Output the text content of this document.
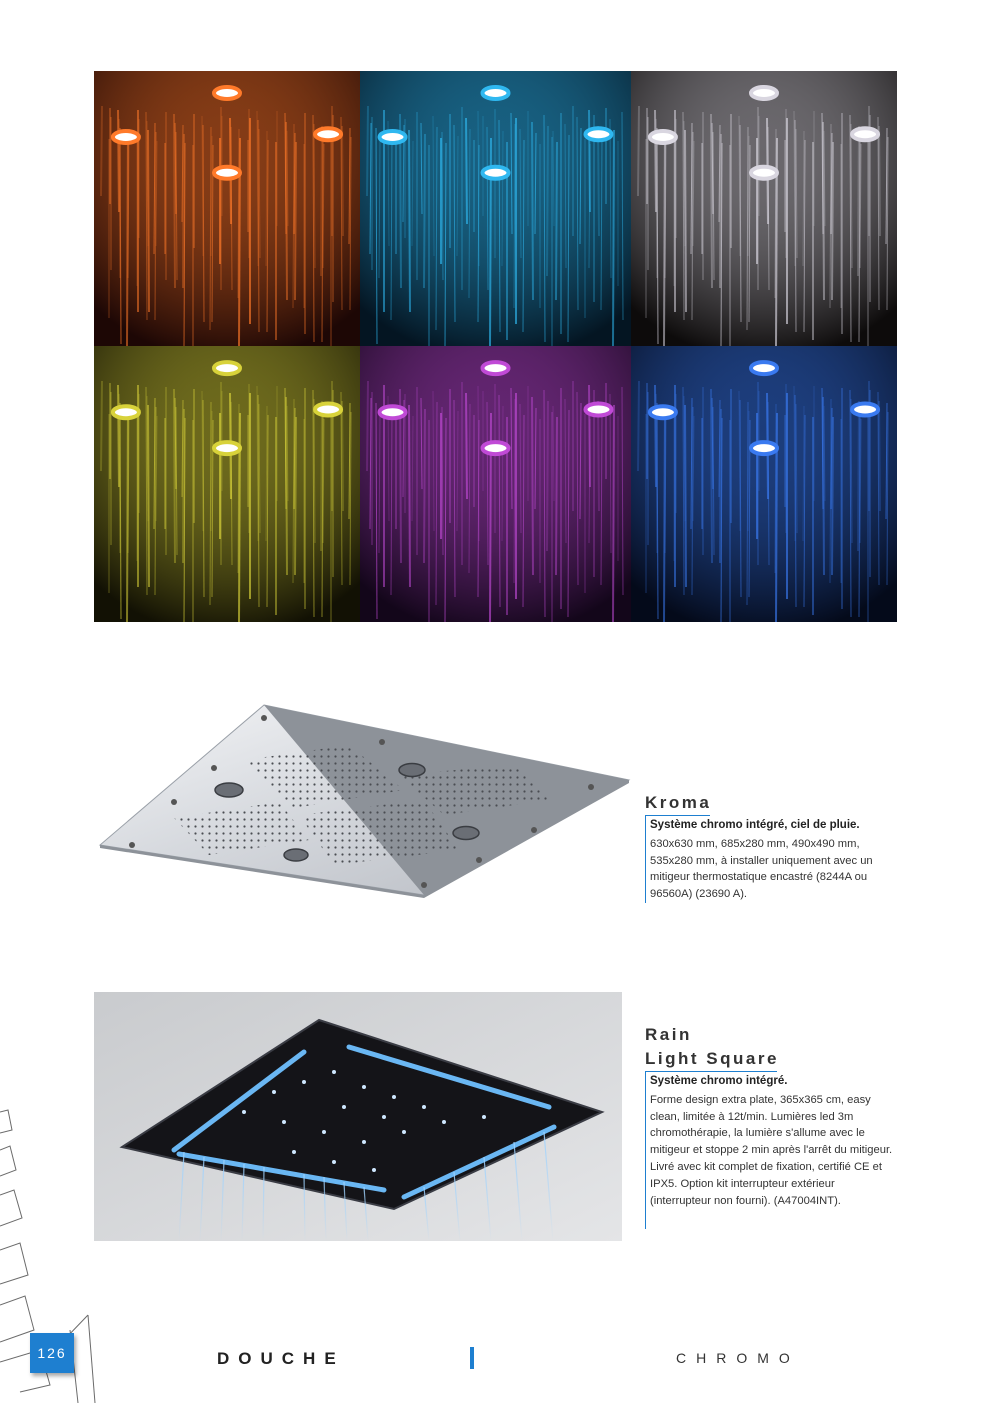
Kroma
Système chromo intégré, ciel de pluie.
630x630 mm, 685x280 mm, 490x490 mm, 535x280 mm, à installer uniquement avec un mitigeur thermostatique encastré (8244A ou 96560A) (23690 A).
Rain
Light Square
Système chromo intégré.
Forme design extra plate, 365x365 cm, easy clean, limitée à 12t/min. Lumières led 3m chromothérapie, la lumière s'allume avec le mitigeur et stoppe 2 min après l'arrêt du mitigeur. Livré avec kit complet de fixation, certifié CE et IPX5. Option kit interrupteur extérieur (interrupteur non fourni). (A47004INT).
126	DOUCHE	CHROMO
